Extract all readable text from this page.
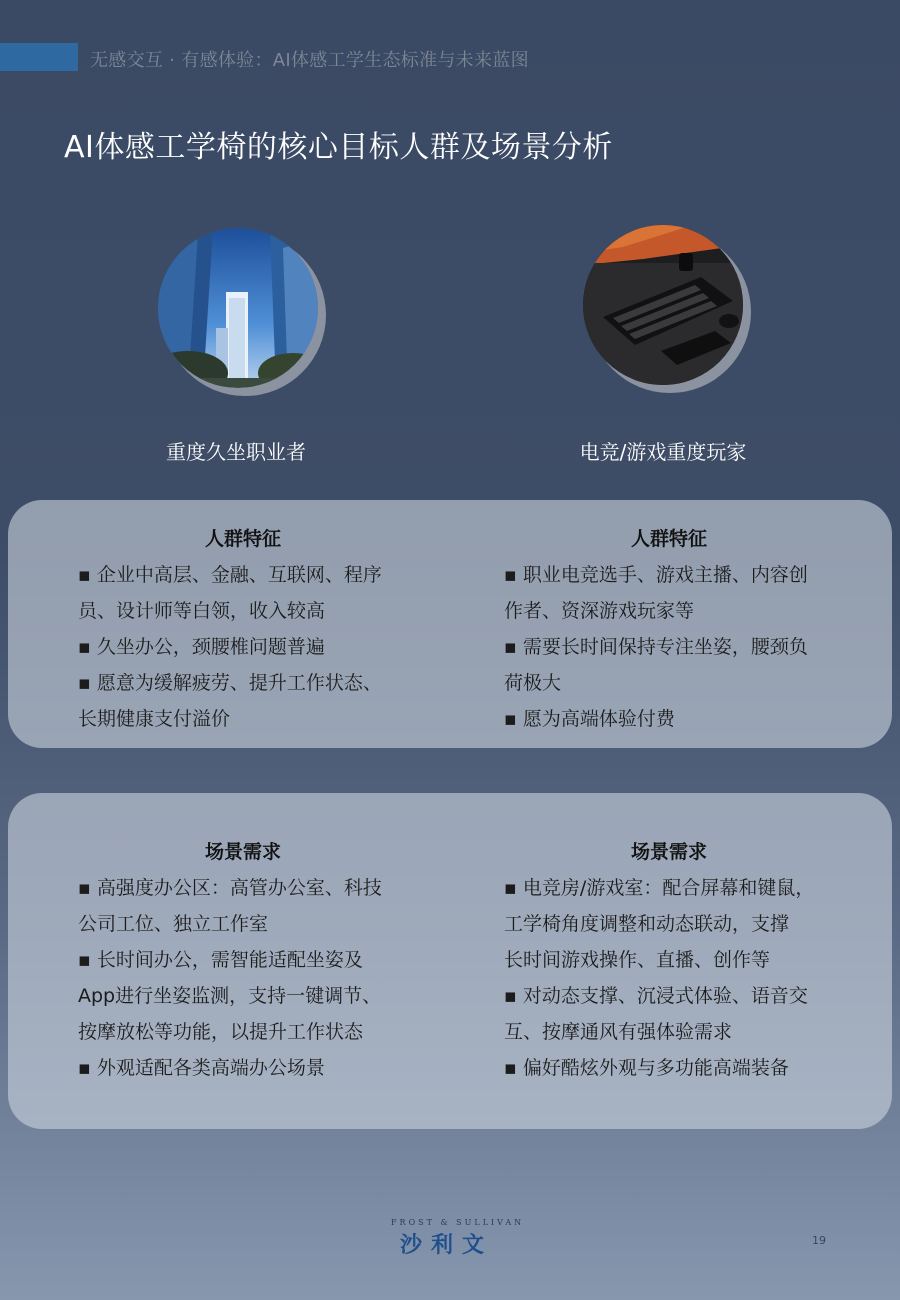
无感交互 · 有感体验：AI体感工学生态标准与未来蓝图
AI体感工学椅的核心目标人群及场景分析
重度久坐职业者	电竞/游戏重度玩家
人群特征

▪ 企业中高层、金融、互联网、程序

员、设计师等白领，收入较高

▪ 久坐办公，颈腰椎问题普遍

▪ 愿意为缓解疲劳、提升工作状态、

长期健康支付溢价

人群特征

▪ 职业电竞选手、游戏主播、内容创

作者、资深游戏玩家等

▪ 需要长时间保持专注坐姿，腰颈负

荷极大

▪ 愿为高端体验付费

场景需求

▪ 高强度办公区：高管办公室、科技

公司工位、独立工作室

▪ 长时间办公，需智能适配坐姿及

App进行坐姿监测，支持一键调节、

按摩放松等功能，以提升工作状态

▪ 外观适配各类高端办公场景

场景需求

▪ 电竞房/游戏室：配合屏幕和键鼠，

工学椅角度调整和动态联动，支撑

长时间游戏操作、直播、创作等

▪ 对动态支撑、沉浸式体验、语音交

互、按摩通风有强体验需求

▪ 偏好酷炫外观与多功能高端装备

FROST & SULLIVAN
沙利文	19
